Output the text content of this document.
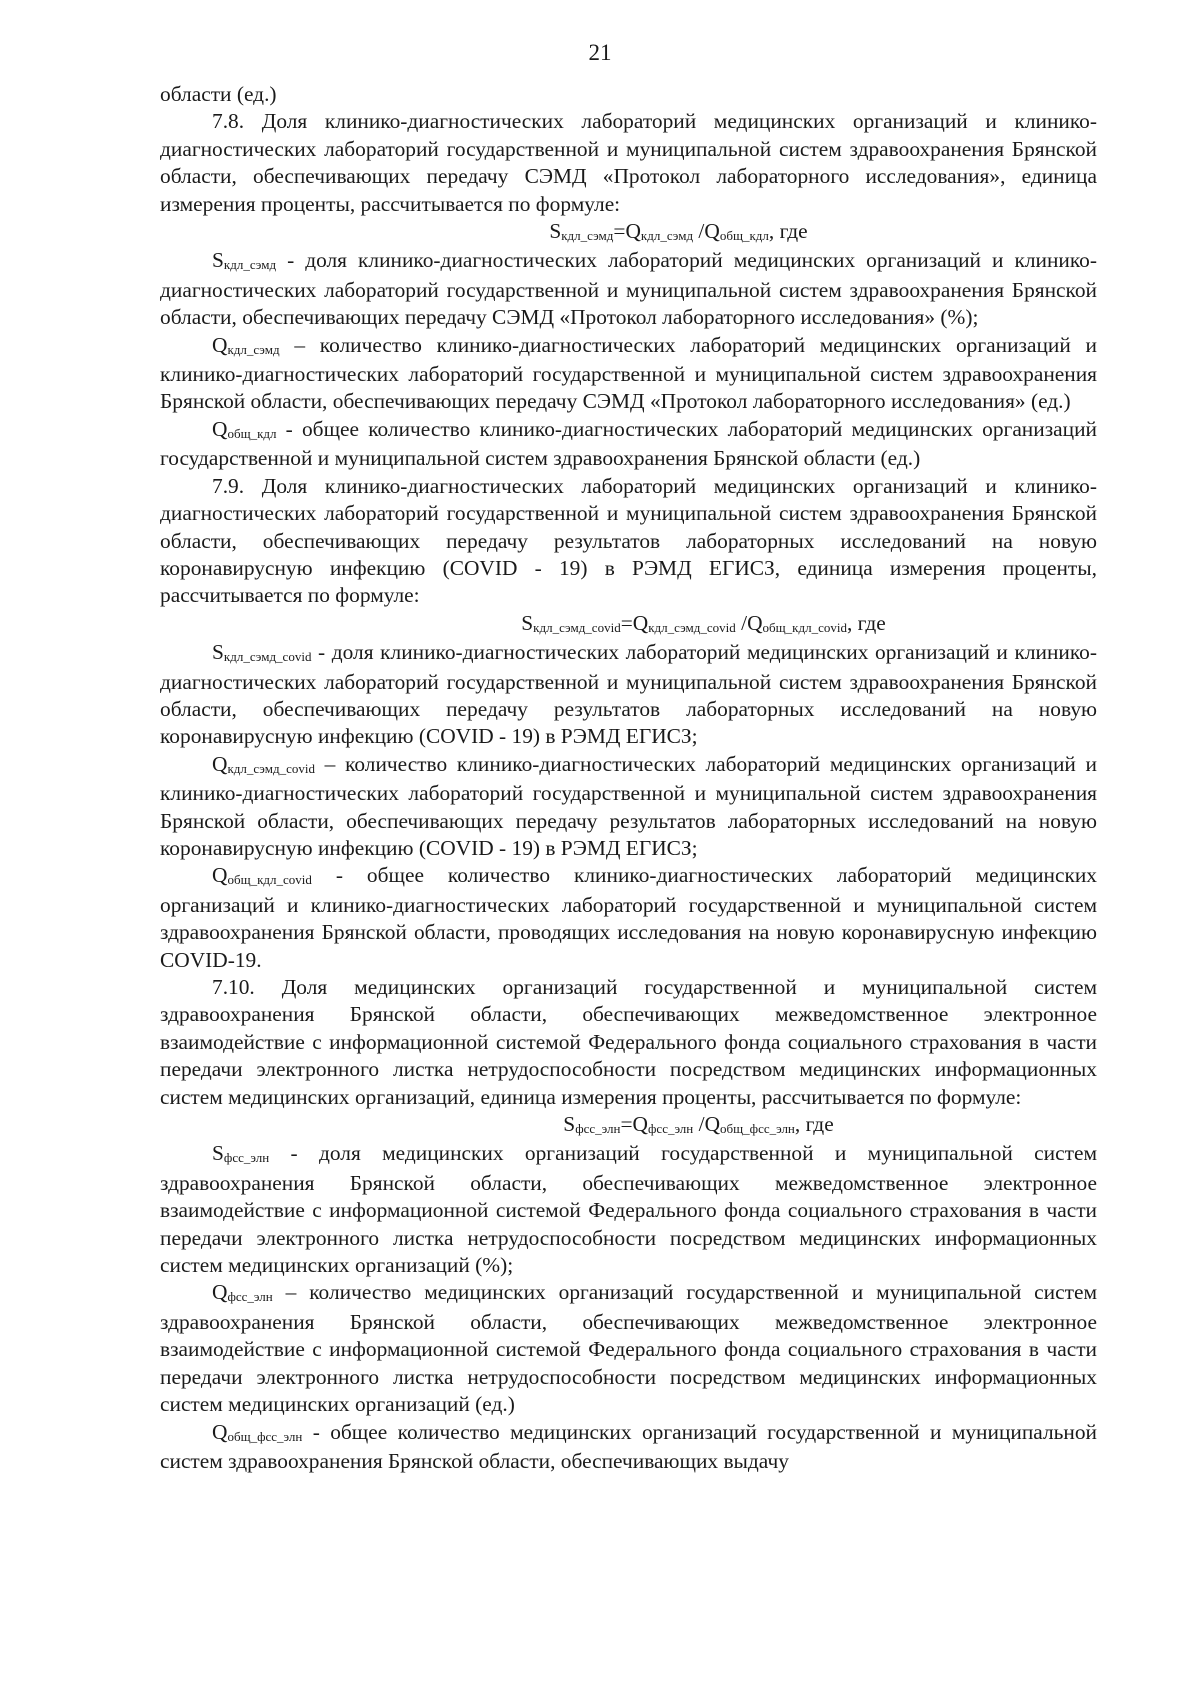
21

области (ед.)

7.8. Доля клинико-диагностических лабораторий медицинских организаций и клинико-диагностических лабораторий государственной и муниципальной систем здравоохранения Брянской области, обеспечивающих передачу СЭМД «Протокол лабораторного исследования», единица измерения проценты, рассчитывается по формуле:

$S_{кдл\_сэмд}=Q_{кдл\_сэмд}$ $/Q_{общ\_кдл}$, где

$S_{кдл\_сэмд}$ - доля клинико-диагностических лабораторий медицинских организаций и клинико-диагностических лабораторий государственной и муниципальной систем здравоохранения Брянской области, обеспечивающих передачу СЭМД «Протокол лабораторного исследования» (%);

$Q_{кдл\_сэмд}$ – количество клинико-диагностических лабораторий медицинских организаций и клинико-диагностических лабораторий государственной и муниципальной систем здравоохранения Брянской области, обеспечивающих передачу СЭМД «Протокол лабораторного исследования» (ед.)

$Q_{общ\_кдл}$ - общее количество клинико-диагностических лабораторий медицинских организаций государственной и муниципальной систем здравоохранения Брянской области (ед.)

7.9. Доля клинико-диагностических лабораторий медицинских организаций и клинико-диагностических лабораторий государственной и муниципальной систем здравоохранения Брянской области, обеспечивающих передачу результатов лабораторных исследований на новую коронавирусную инфекцию (COVID - 19) в РЭМД ЕГИСЗ, единица измерения проценты, рассчитывается по формуле:

$S_{кдл\_сэмд\_covid}=Q_{кдл\_сэмд\_covid}$ $/Q_{общ\_кдл\_covid}$, где

$S_{кдл\_сэмд\_covid}$ - доля клинико-диагностических лабораторий медицинских организаций и клинико-диагностических лабораторий государственной и муниципальной систем здравоохранения Брянской области, обеспечивающих передачу результатов лабораторных исследований на новую коронавирусную инфекцию (COVID - 19) в РЭМД ЕГИСЗ;

$Q_{кдл\_сэмд\_covid}$ – количество клинико-диагностических лабораторий медицинских организаций и клинико-диагностических лабораторий государственной и муниципальной систем здравоохранения Брянской области, обеспечивающих передачу результатов лабораторных исследований на новую коронавирусную инфекцию (COVID - 19) в РЭМД ЕГИСЗ;

$Q_{общ\_кдл\_covid}$ - общее количество клинико-диагностических лабораторий медицинских организаций и клинико-диагностических лабораторий государственной и муниципальной систем здравоохранения Брянской области, проводящих исследования на новую коронавирусную инфекцию COVID-19.

7.10. Доля медицинских организаций государственной и муниципальной систем здравоохранения Брянской области, обеспечивающих межведомственное электронное взаимодействие с информационной системой Федерального фонда социального страхования в части передачи электронного листка нетрудоспособности посредством медицинских информационных систем медицинских организаций, единица измерения проценты, рассчитывается по формуле:

$S_{фсс\_элн}=Q_{фсс\_элн}$ $/Q_{общ\_фсс\_элн}$, где

$S_{фсс\_элн}$ - доля медицинских организаций государственной и муниципальной систем здравоохранения Брянской области, обеспечивающих межведомственное электронное взаимодействие с информационной системой Федерального фонда социального страхования в части передачи электронного листка нетрудоспособности посредством медицинских информационных систем медицинских организаций (%);

$Q_{фсс\_элн}$ – количество медицинских организаций государственной и муниципальной систем здравоохранения Брянской области, обеспечивающих межведомственное электронное взаимодействие с информационной системой Федерального фонда социального страхования в части передачи электронного листка нетрудоспособности посредством медицинских информационных систем медицинских организаций (ед.)

$Q_{общ\_фсс\_элн}$ - общее количество медицинских организаций государственной и муниципальной систем здравоохранения Брянской области, обеспечивающих выдачу
